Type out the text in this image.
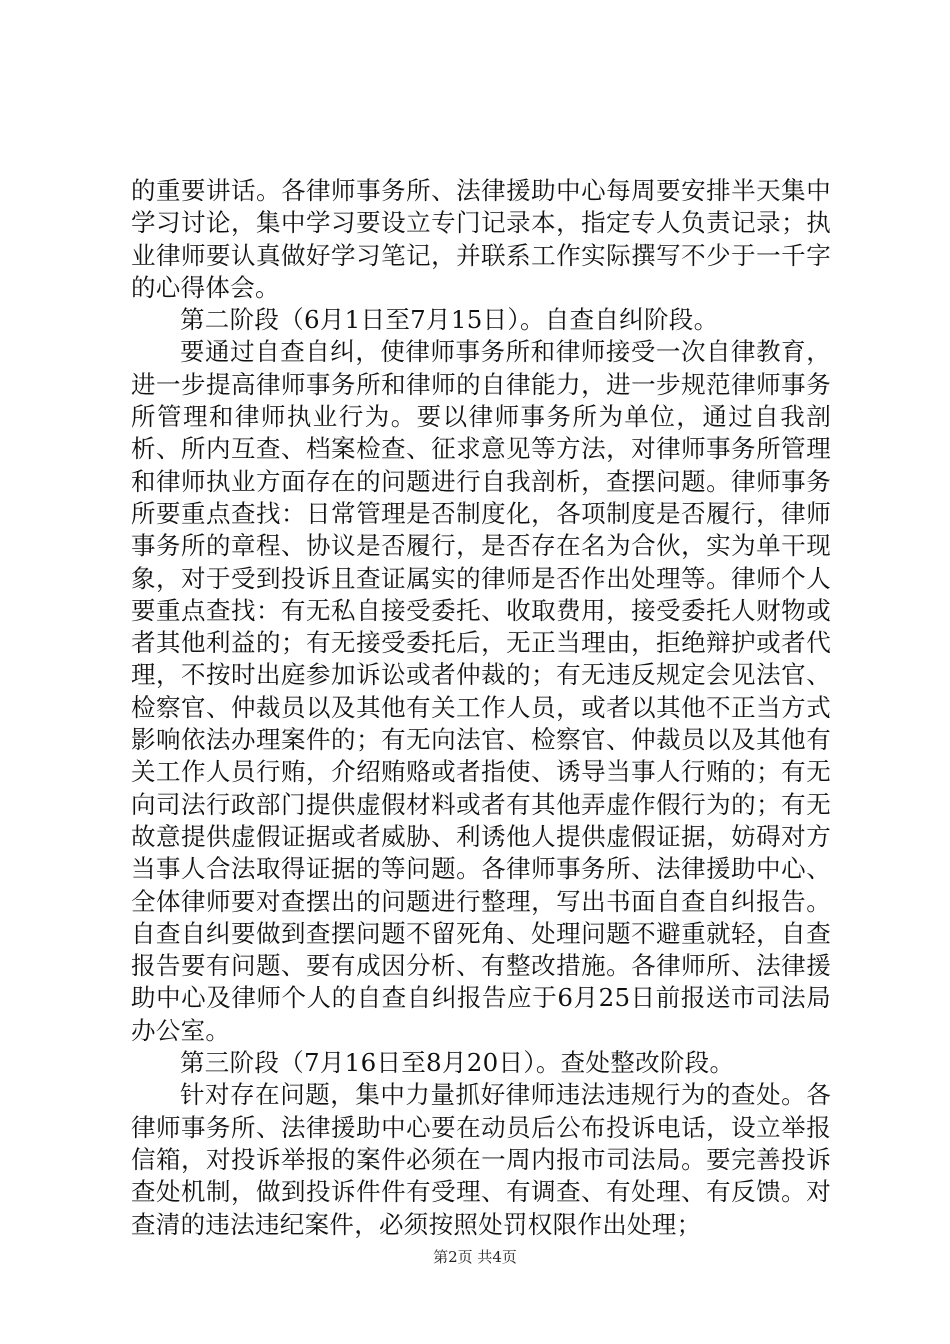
的重要讲话。各律师事务所、法律援助中心每周要安排半天集中学习讨论，集中学习要设立专门记录本，指定专人负责记录；执业律师要认真做好学习笔记，并联系工作实际撰写不少于一千字的心得体会。

第二阶段（6月1日至7月15日）。自查自纠阶段。

要通过自查自纠，使律师事务所和律师接受一次自律教育，进一步提高律师事务所和律师的自律能力，进一步规范律师事务所管理和律师执业行为。要以律师事务所为单位，通过自我剖析、所内互查、档案检查、征求意见等方法，对律师事务所管理和律师执业方面存在的问题进行自我剖析，查摆问题。律师事务所要重点查找：日常管理是否制度化，各项制度是否履行，律师事务所的章程、协议是否履行，是否存在名为合伙，实为单干现象，对于受到投诉且查证属实的律师是否作出处理等。律师个人要重点查找：有无私自接受委托、收取费用，接受委托人财物或者其他利益的；有无接受委托后，无正当理由，拒绝辩护或者代理，不按时出庭参加诉讼或者仲裁的；有无违反规定会见法官、检察官、仲裁员以及其他有关工作人员，或者以其他不正当方式影响依法办理案件的；有无向法官、检察官、仲裁员以及其他有关工作人员行贿，介绍贿赂或者指使、诱导当事人行贿的；有无向司法行政部门提供虚假材料或者有其他弄虚作假行为的；有无故意提供虚假证据或者威胁、利诱他人提供虚假证据，妨碍对方当事人合法取得证据的等问题。各律师事务所、法律援助中心、全体律师要对查摆出的问题进行整理，写出书面自查自纠报告。自查自纠要做到查摆问题不留死角、处理问题不避重就轻，自查报告要有问题、要有成因分析、有整改措施。各律师所、法律援助中心及律师个人的自查自纠报告应于6月25日前报送市司法局办公室。

第三阶段（7月16日至8月20日）。查处整改阶段。

针对存在问题，集中力量抓好律师违法违规行为的查处。各律师事务所、法律援助中心要在动员后公布投诉电话，设立举报信箱，对投诉举报的案件必须在一周内报市司法局。要完善投诉查处机制，做到投诉件件有受理、有调查、有处理、有反馈。对查清的违法违纪案件，必须按照处罚权限作出处理；

第2页 共4页
